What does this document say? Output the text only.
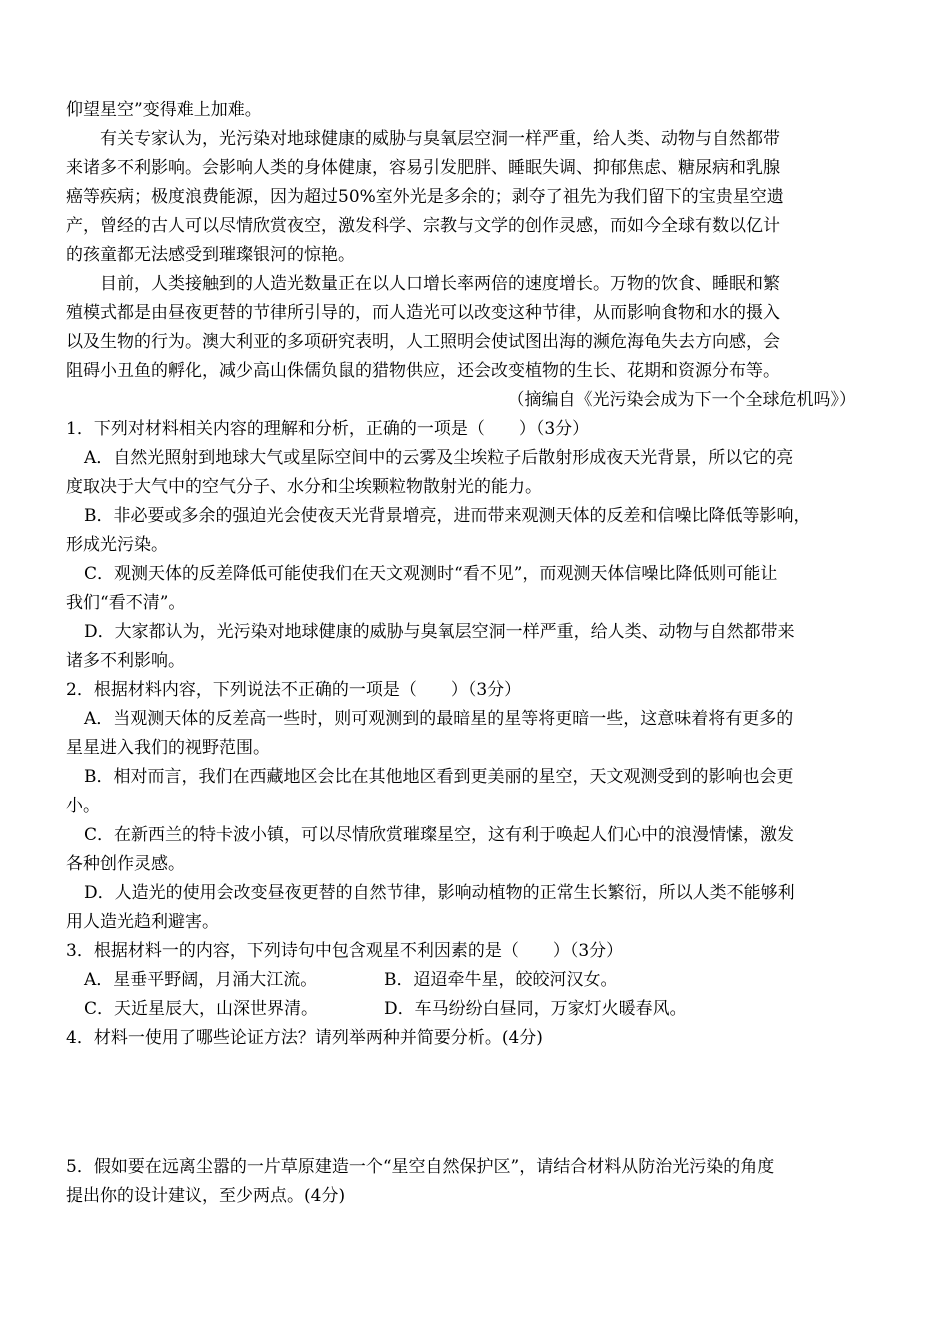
仰望星空”变得难上加难。
有关专家认为，光污染对地球健康的威胁与臭氧层空洞一样严重，给人类、动物与自然都带
来诸多不利影响。会影响人类的身体健康，容易引发肥胖、睡眠失调、抑郁焦虑、糖尿病和乳腺
癌等疾病；极度浪费能源，因为超过50%室外光是多余的；剥夺了祖先为我们留下的宝贵星空遗
产，曾经的古人可以尽情欣赏夜空，激发科学、宗教与文学的创作灵感，而如今全球有数以亿计
的孩童都无法感受到璀璨银河的惊艳。
目前，人类接触到的人造光数量正在以人口增长率两倍的速度增长。万物的饮食、睡眠和繁
殖模式都是由昼夜更替的节律所引导的，而人造光可以改变这种节律，从而影响食物和水的摄入
以及生物的行为。澳大利亚的多项研究表明，人工照明会使试图出海的濒危海龟失去方向感，会
阻碍小丑鱼的孵化，减少高山侏儒负鼠的猎物供应，还会改变植物的生长、花期和资源分布等。
（摘编自《光污染会成为下一个全球危机吗》）
1．下列对材料相关内容的理解和分析，正确的一项是（　　）（3分）
A．自然光照射到地球大气或星际空间中的云雾及尘埃粒子后散射形成夜天光背景，所以它的亮
度取决于大气中的空气分子、水分和尘埃颗粒物散射光的能力。
B．非必要或多余的强迫光会使夜天光背景增亮，进而带来观测天体的反差和信噪比降低等影响，
形成光污染。
C．观测天体的反差降低可能使我们在天文观测时“看不见”，而观测天体信噪比降低则可能让
我们“看不清”。
D．大家都认为，光污染对地球健康的威胁与臭氧层空洞一样严重，给人类、动物与自然都带来
诸多不利影响。
2．根据材料内容，下列说法不正确的一项是（　　）（3分）
A．当观测天体的反差高一些时，则可观测到的最暗星的星等将更暗一些，这意味着将有更多的
星星进入我们的视野范围。
B．相对而言，我们在西藏地区会比在其他地区看到更美丽的星空，天文观测受到的影响也会更
小。
C．在新西兰的特卡波小镇，可以尽情欣赏璀璨星空，这有利于唤起人们心中的浪漫情愫，激发
各种创作灵感。
D．人造光的使用会改变昼夜更替的自然节律，影响动植物的正常生长繁衍，所以人类不能够利
用人造光趋利避害。
3．根据材料一的内容，下列诗句中包含观星不利因素的是（　　）（3分）
A．星垂平野阔，月涌大江流。	B．迢迢牵牛星，皎皎河汉女。
C．天近星辰大，山深世界清。	D．车马纷纷白昼同，万家灯火暖春风。
4．材料一使用了哪些论证方法？请列举两种并简要分析。(4分)
5．假如要在远离尘嚣的一片草原建造一个“星空自然保护区”，请结合材料从防治光污染的角度
提出你的设计建议，至少两点。(4分)
